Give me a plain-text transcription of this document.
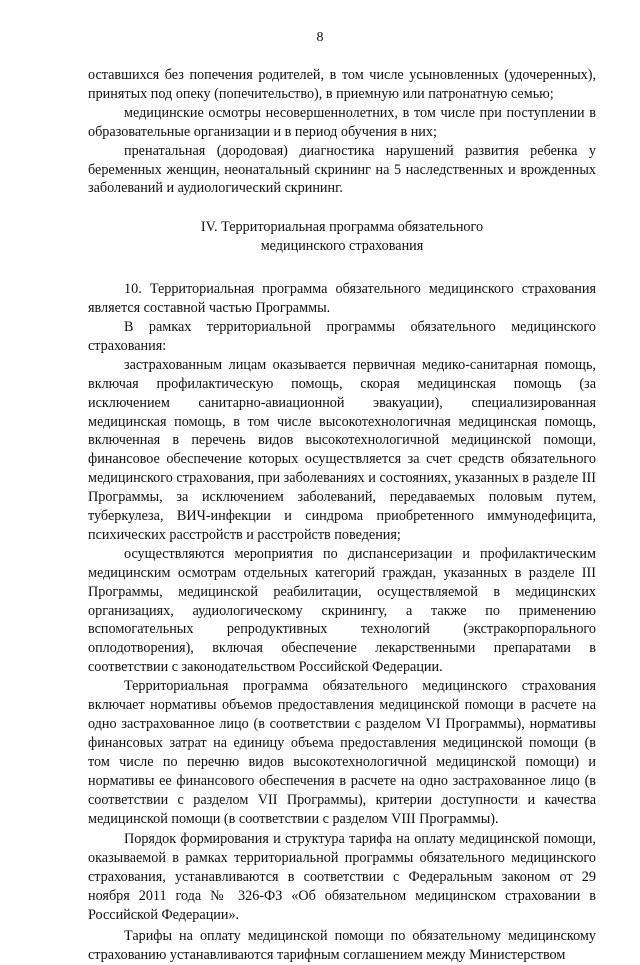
8

оставшихся без попечения родителей, в том числе усыновленных (удочеренных), принятых под опеку (попечительство), в приемную или патронатную семью;

медицинские осмотры несовершеннолетних, в том числе при поступлении в образовательные организации и в период обучения в них;

пренатальная (дородовая) диагностика нарушений развития ребенка у беременных женщин, неонатальный скрининг на 5 наследственных и врожденных заболеваний и аудиологический скрининг.

IV. Территориальная программа обязательного
медицинского страхования

10. Территориальная программа обязательного медицинского страхования является составной частью Программы.

В рамках территориальной программы обязательного медицинского страхования:

застрахованным лицам оказывается первичная медико-санитарная помощь, включая профилактическую помощь, скорая медицинская помощь (за исключением санитарно-авиационной эвакуации), специализированная медицинская помощь, в том числе высокотехнологичная медицинская помощь, включенная в перечень видов высокотехнологичной медицинской помощи, финансовое обеспечение которых осуществляется за счет средств обязательного медицинского страхования, при заболеваниях и состояниях, указанных в разделе III Программы, за исключением заболеваний, передаваемых половым путем, туберкулеза, ВИЧ-инфекции и синдрома приобретенного иммунодефицита, психических расстройств и расстройств поведения;

осуществляются мероприятия по диспансеризации и профилактическим медицинским осмотрам отдельных категорий граждан, указанных в разделе III Программы, медицинской реабилитации, осуществляемой в медицинских организациях, аудиологическому скринингу, а также по применению вспомогательных репродуктивных технологий (экстракорпорального оплодотворения), включая обеспечение лекарственными препаратами в соответствии с законодательством Российской Федерации.

Территориальная программа обязательного медицинского страхования включает нормативы объемов предоставления медицинской помощи в расчете на одно застрахованное лицо (в соответствии с разделом VI Программы), нормативы финансовых затрат на единицу объема предоставления медицинской помощи (в том числе по перечню видов высокотехнологичной медицинской помощи) и нормативы ее финансового обеспечения в расчете на одно застрахованное лицо (в соответствии с разделом VII Программы), критерии доступности и качества медицинской помощи (в соответствии с разделом VIII Программы).

Порядок формирования и структура тарифа на оплату медицинской помощи, оказываемой в рамках территориальной программы обязательного медицинского страхования, устанавливаются в соответствии с Федеральным законом от 29 ноября 2011 года № 326-ФЗ «Об обязательном медицинском страховании в Российской Федерации».

Тарифы на оплату медицинской помощи по обязательному медицинскому страхованию устанавливаются тарифным соглашением между Министерством
